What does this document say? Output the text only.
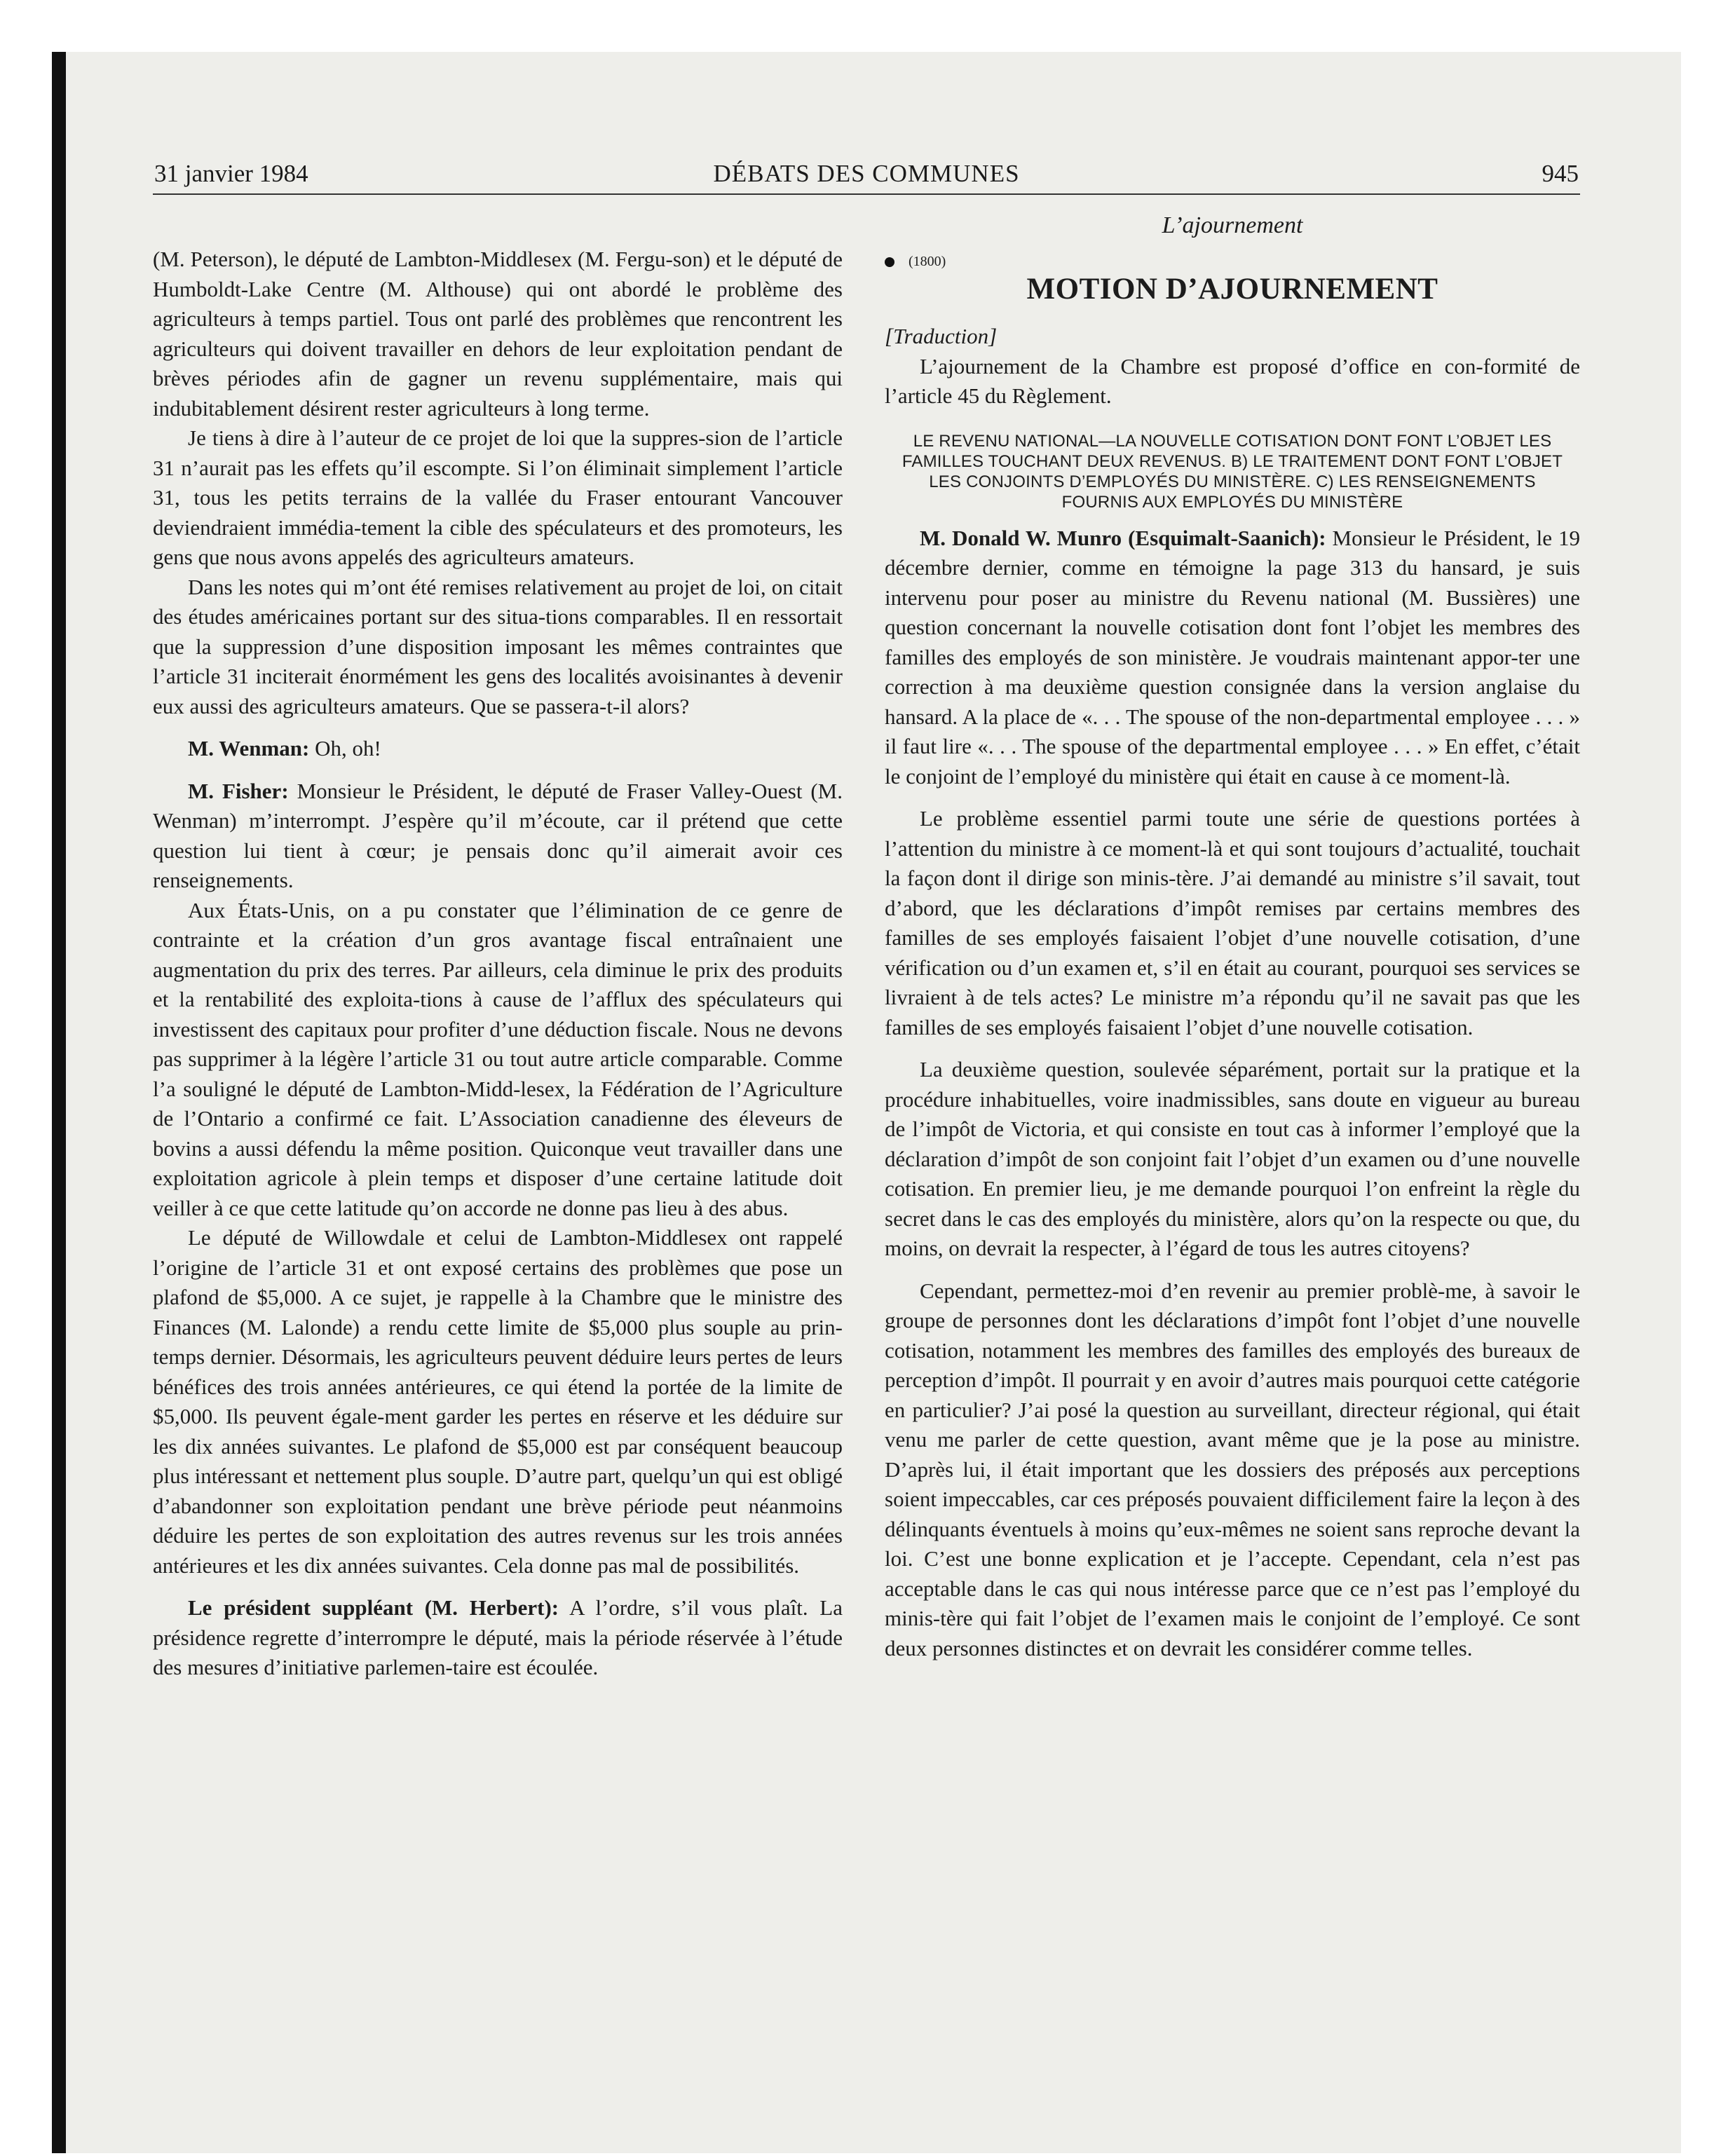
31 janvier 1984	DÉBATS DES COMMUNES	945

(M. Peterson), le député de Lambton-Middlesex (M. Fergu-son) et le député de Humboldt-Lake Centre (M. Althouse) qui ont abordé le problème des agriculteurs à temps partiel. Tous ont parlé des problèmes que rencontrent les agriculteurs qui doivent travailler en dehors de leur exploitation pendant de brèves périodes afin de gagner un revenu supplémentaire, mais qui indubitablement désirent rester agriculteurs à long terme.

Je tiens à dire à l’auteur de ce projet de loi que la suppres-sion de l’article 31 n’aurait pas les effets qu’il escompte. Si l’on éliminait simplement l’article 31, tous les petits terrains de la vallée du Fraser entourant Vancouver deviendraient immédia-tement la cible des spéculateurs et des promoteurs, les gens que nous avons appelés des agriculteurs amateurs.

Dans les notes qui m’ont été remises relativement au projet de loi, on citait des études américaines portant sur des situa-tions comparables. Il en ressortait que la suppression d’une disposition imposant les mêmes contraintes que l’article 31 inciterait énormément les gens des localités avoisinantes à devenir eux aussi des agriculteurs amateurs. Que se passera-t-il alors?

M. Wenman: Oh, oh!

M. Fisher: Monsieur le Président, le député de Fraser Valley-Ouest (M. Wenman) m’interrompt. J’espère qu’il m’écoute, car il prétend que cette question lui tient à cœur; je pensais donc qu’il aimerait avoir ces renseignements.

Aux États-Unis, on a pu constater que l’élimination de ce genre de contrainte et la création d’un gros avantage fiscal entraînaient une augmentation du prix des terres. Par ailleurs, cela diminue le prix des produits et la rentabilité des exploita-tions à cause de l’afflux des spéculateurs qui investissent des capitaux pour profiter d’une déduction fiscale. Nous ne devons pas supprimer à la légère l’article 31 ou tout autre article comparable. Comme l’a souligné le député de Lambton-Midd-lesex, la Fédération de l’Agriculture de l’Ontario a confirmé ce fait. L’Association canadienne des éleveurs de bovins a aussi défendu la même position. Quiconque veut travailler dans une exploitation agricole à plein temps et disposer d’une certaine latitude doit veiller à ce que cette latitude qu’on accorde ne donne pas lieu à des abus.

Le député de Willowdale et celui de Lambton-Middlesex ont rappelé l’origine de l’article 31 et ont exposé certains des problèmes que pose un plafond de $5,000. A ce sujet, je rappelle à la Chambre que le ministre des Finances (M. Lalonde) a rendu cette limite de $5,000 plus souple au prin-temps dernier. Désormais, les agriculteurs peuvent déduire leurs pertes de leurs bénéfices des trois années antérieures, ce qui étend la portée de la limite de $5,000. Ils peuvent égale-ment garder les pertes en réserve et les déduire sur les dix années suivantes. Le plafond de $5,000 est par conséquent beaucoup plus intéressant et nettement plus souple. D’autre part, quelqu’un qui est obligé d’abandonner son exploitation pendant une brève période peut néanmoins déduire les pertes de son exploitation des autres revenus sur les trois années antérieures et les dix années suivantes. Cela donne pas mal de possibilités.

Le président suppléant (M. Herbert): A l’ordre, s’il vous plaît. La présidence regrette d’interrompre le député, mais la période réservée à l’étude des mesures d’initiative parlemen-taire est écoulée.

L’ajournement
(1800)
MOTION D’AJOURNEMENT

[Traduction]

L’ajournement de la Chambre est proposé d’office en con-formité de l’article 45 du Règlement.

LE REVENU NATIONAL—LA NOUVELLE COTISATION DONT FONT L’OBJET LES FAMILLES TOUCHANT DEUX REVENUS. B) LE TRAITEMENT DONT FONT L’OBJET LES CONJOINTS D’EMPLOYÉS DU MINISTÈRE. C) LES RENSEIGNEMENTS FOURNIS AUX EMPLOYÉS DU MINISTÈRE

M. Donald W. Munro (Esquimalt-Saanich): Monsieur le Président, le 19 décembre dernier, comme en témoigne la page 313 du hansard, je suis intervenu pour poser au ministre du Revenu national (M. Bussières) une question concernant la nouvelle cotisation dont font l’objet les membres des familles des employés de son ministère. Je voudrais maintenant appor-ter une correction à ma deuxième question consignée dans la version anglaise du hansard. A la place de «. . . The spouse of the non-departmental employee . . . » il faut lire «. . . The spouse of the departmental employee . . . » En effet, c’était le conjoint de l’employé du ministère qui était en cause à ce moment-là.

Le problème essentiel parmi toute une série de questions portées à l’attention du ministre à ce moment-là et qui sont toujours d’actualité, touchait la façon dont il dirige son minis-tère. J’ai demandé au ministre s’il savait, tout d’abord, que les déclarations d’impôt remises par certains membres des familles de ses employés faisaient l’objet d’une nouvelle cotisation, d’une vérification ou d’un examen et, s’il en était au courant, pourquoi ses services se livraient à de tels actes? Le ministre m’a répondu qu’il ne savait pas que les familles de ses employés faisaient l’objet d’une nouvelle cotisation.

La deuxième question, soulevée séparément, portait sur la pratique et la procédure inhabituelles, voire inadmissibles, sans doute en vigueur au bureau de l’impôt de Victoria, et qui consiste en tout cas à informer l’employé que la déclaration d’impôt de son conjoint fait l’objet d’un examen ou d’une nouvelle cotisation. En premier lieu, je me demande pourquoi l’on enfreint la règle du secret dans le cas des employés du ministère, alors qu’on la respecte ou que, du moins, on devrait la respecter, à l’égard de tous les autres citoyens?

Cependant, permettez-moi d’en revenir au premier problè-me, à savoir le groupe de personnes dont les déclarations d’impôt font l’objet d’une nouvelle cotisation, notamment les membres des familles des employés des bureaux de perception d’impôt. Il pourrait y en avoir d’autres mais pourquoi cette catégorie en particulier? J’ai posé la question au surveillant, directeur régional, qui était venu me parler de cette question, avant même que je la pose au ministre. D’après lui, il était important que les dossiers des préposés aux perceptions soient impeccables, car ces préposés pouvaient difficilement faire la leçon à des délinquants éventuels à moins qu’eux-mêmes ne soient sans reproche devant la loi. C’est une bonne explication et je l’accepte. Cependant, cela n’est pas acceptable dans le cas qui nous intéresse parce que ce n’est pas l’employé du minis-tère qui fait l’objet de l’examen mais le conjoint de l’employé. Ce sont deux personnes distinctes et on devrait les considérer comme telles.
